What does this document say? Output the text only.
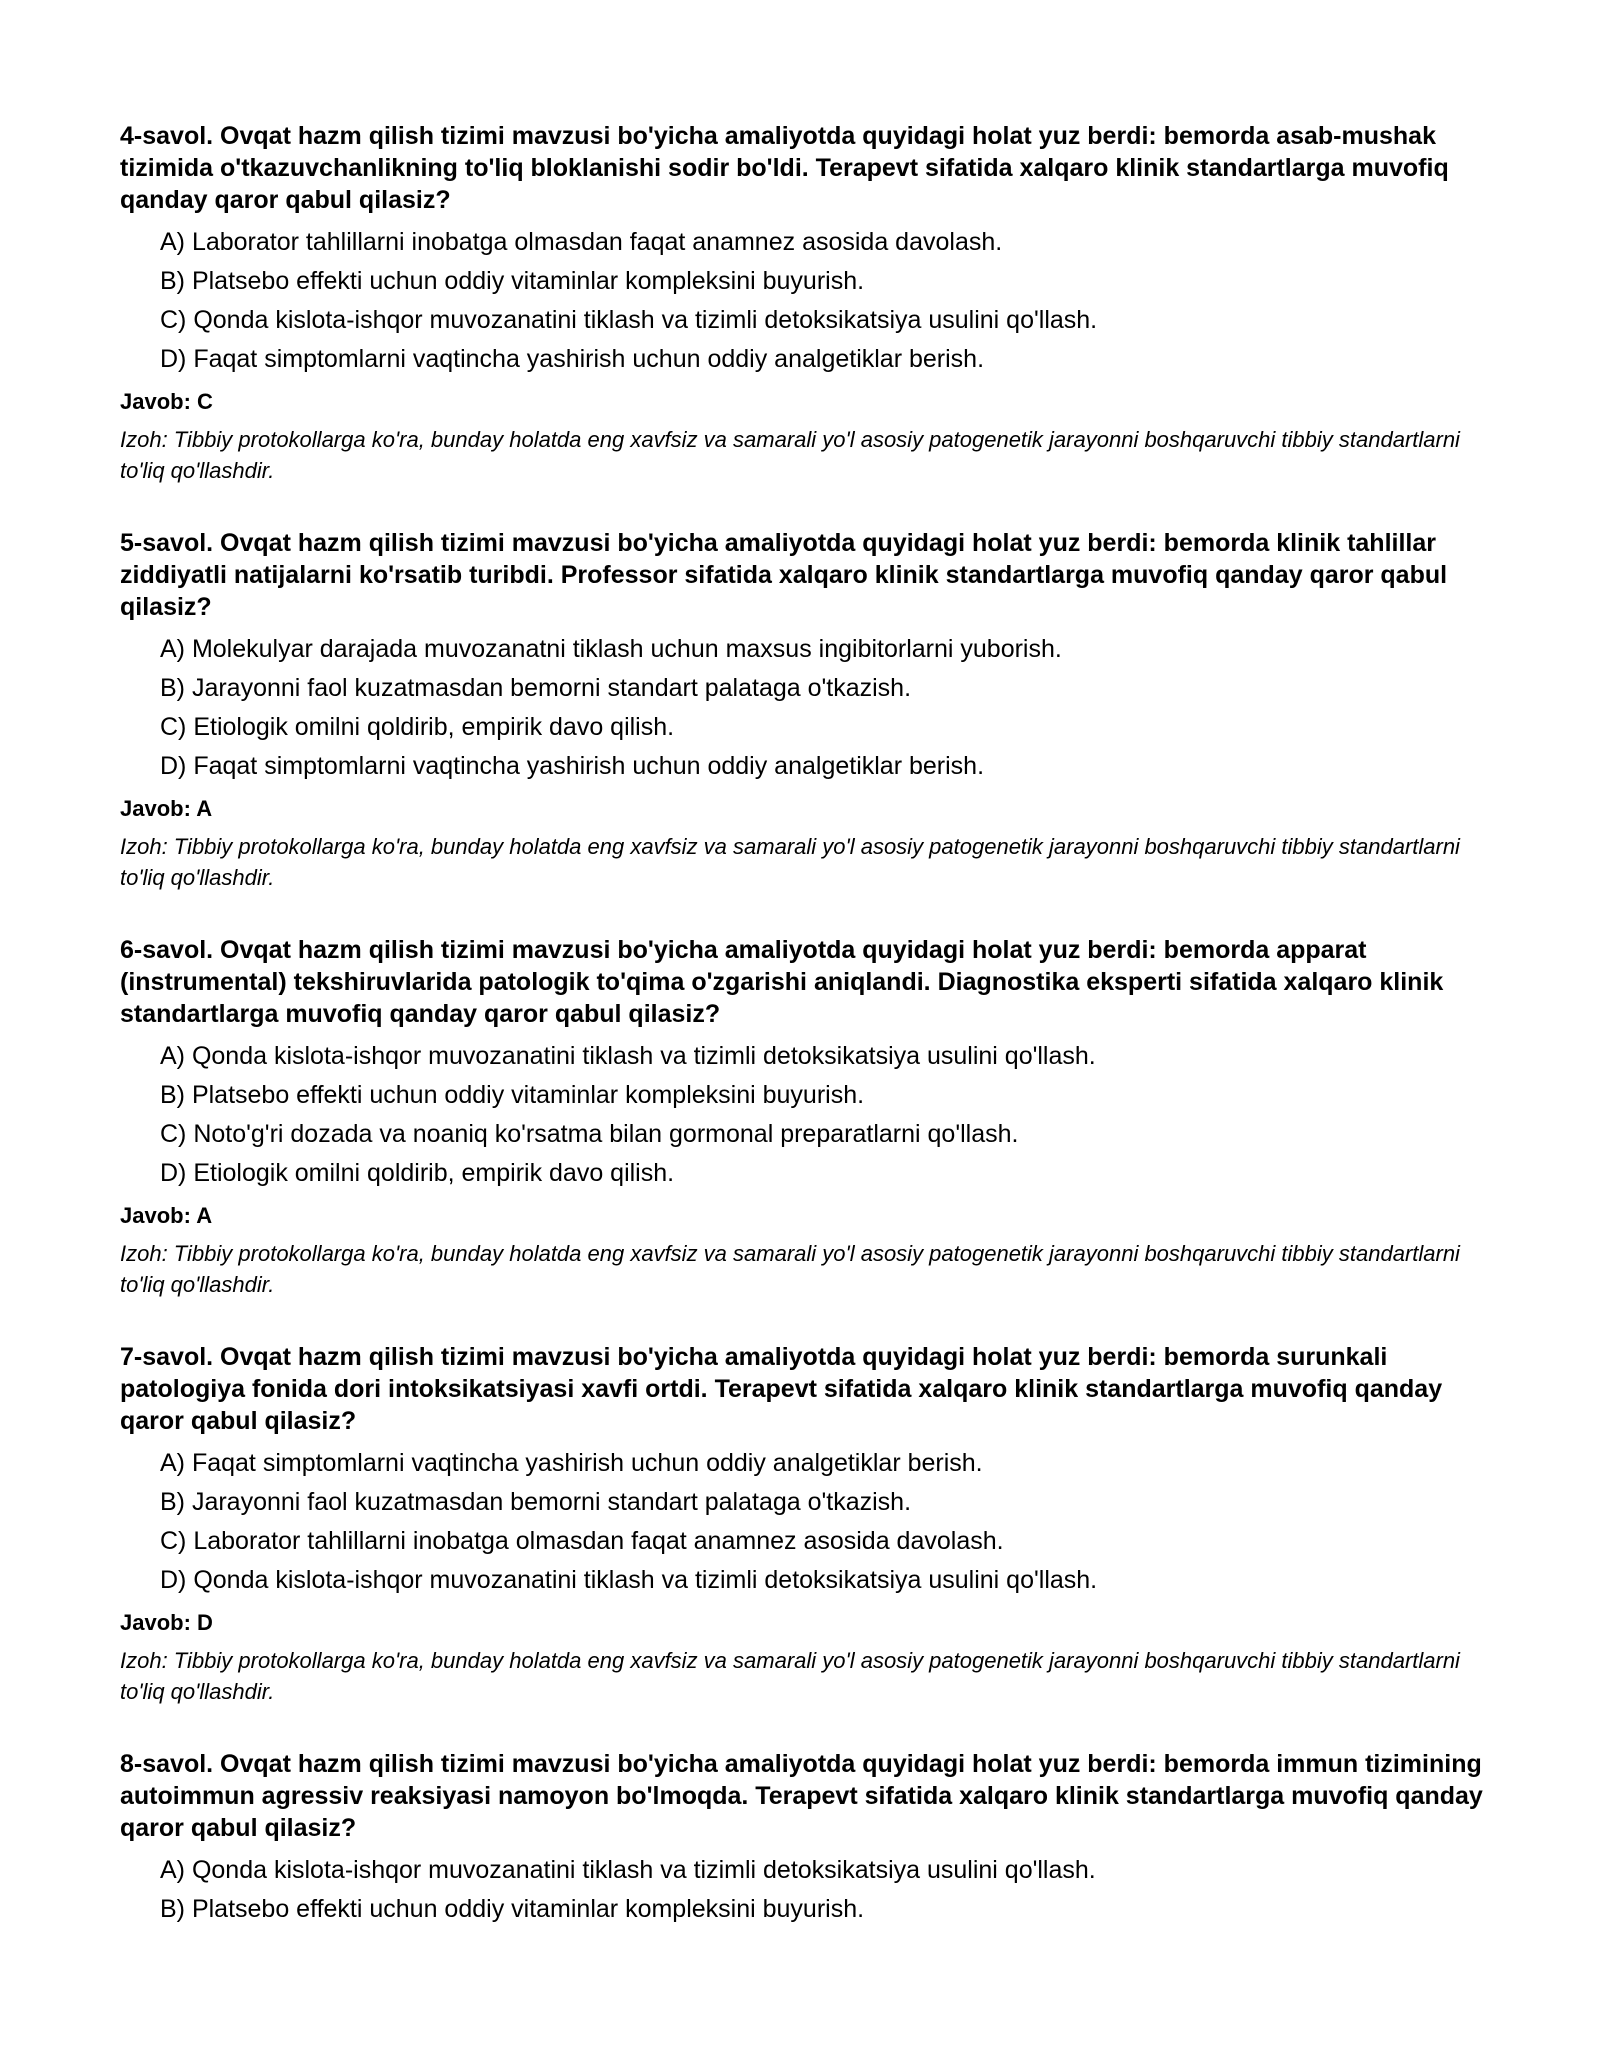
4-savol. Ovqat hazm qilish tizimi mavzusi bo'yicha amaliyotda quyidagi holat yuz berdi: bemorda asab-mushak tizimida o'tkazuvchanlikning to'liq bloklanishi sodir bo'ldi. Terapevt sifatida xalqaro klinik standartlarga muvofiq qanday qaror qabul qilasiz?

A) Laborator tahlillarni inobatga olmasdan faqat anamnez asosida davolash.
B) Platsebo effekti uchun oddiy vitaminlar kompleksini buyurish.
C) Qonda kislota-ishqor muvozanatini tiklash va tizimli detoksikatsiya usulini qo'llash.
D) Faqat simptomlarni vaqtincha yashirish uchun oddiy analgetiklar berish.

Javob: C

Izoh: Tibbiy protokollarga ko'ra, bunday holatda eng xavfsiz va samarali yo'l asosiy patogenetik jarayonni boshqaruvchi tibbiy standartlarni to'liq qo'llashdir.

5-savol. Ovqat hazm qilish tizimi mavzusi bo'yicha amaliyotda quyidagi holat yuz berdi: bemorda klinik tahlillar ziddiyatli natijalarni ko'rsatib turibdi. Professor sifatida xalqaro klinik standartlarga muvofiq qanday qaror qabul qilasiz?

A) Molekulyar darajada muvozanatni tiklash uchun maxsus ingibitorlarni yuborish.
B) Jarayonni faol kuzatmasdan bemorni standart palataga o'tkazish.
C) Etiologik omilni qoldirib, empirik davo qilish.
D) Faqat simptomlarni vaqtincha yashirish uchun oddiy analgetiklar berish.

Javob: A

Izoh: Tibbiy protokollarga ko'ra, bunday holatda eng xavfsiz va samarali yo'l asosiy patogenetik jarayonni boshqaruvchi tibbiy standartlarni to'liq qo'llashdir.

6-savol. Ovqat hazm qilish tizimi mavzusi bo'yicha amaliyotda quyidagi holat yuz berdi: bemorda apparat (instrumental) tekshiruvlarida patologik to'qima o'zgarishi aniqlandi. Diagnostika eksperti sifatida xalqaro klinik standartlarga muvofiq qanday qaror qabul qilasiz?

A) Qonda kislota-ishqor muvozanatini tiklash va tizimli detoksikatsiya usulini qo'llash.
B) Platsebo effekti uchun oddiy vitaminlar kompleksini buyurish.
C) Noto'g'ri dozada va noaniq ko'rsatma bilan gormonal preparatlarni qo'llash.
D) Etiologik omilni qoldirib, empirik davo qilish.

Javob: A

Izoh: Tibbiy protokollarga ko'ra, bunday holatda eng xavfsiz va samarali yo'l asosiy patogenetik jarayonni boshqaruvchi tibbiy standartlarni to'liq qo'llashdir.

7-savol. Ovqat hazm qilish tizimi mavzusi bo'yicha amaliyotda quyidagi holat yuz berdi: bemorda surunkali patologiya fonida dori intoksikatsiyasi xavfi ortdi. Terapevt sifatida xalqaro klinik standartlarga muvofiq qanday qaror qabul qilasiz?

A) Faqat simptomlarni vaqtincha yashirish uchun oddiy analgetiklar berish.
B) Jarayonni faol kuzatmasdan bemorni standart palataga o'tkazish.
C) Laborator tahlillarni inobatga olmasdan faqat anamnez asosida davolash.
D) Qonda kislota-ishqor muvozanatini tiklash va tizimli detoksikatsiya usulini qo'llash.

Javob: D

Izoh: Tibbiy protokollarga ko'ra, bunday holatda eng xavfsiz va samarali yo'l asosiy patogenetik jarayonni boshqaruvchi tibbiy standartlarni to'liq qo'llashdir.

8-savol. Ovqat hazm qilish tizimi mavzusi bo'yicha amaliyotda quyidagi holat yuz berdi: bemorda immun tizimining autoimmun agressiv reaksiyasi namoyon bo'lmoqda. Terapevt sifatida xalqaro klinik standartlarga muvofiq qanday qaror qabul qilasiz?

A) Qonda kislota-ishqor muvozanatini tiklash va tizimli detoksikatsiya usulini qo'llash.
B) Platsebo effekti uchun oddiy vitaminlar kompleksini buyurish.
